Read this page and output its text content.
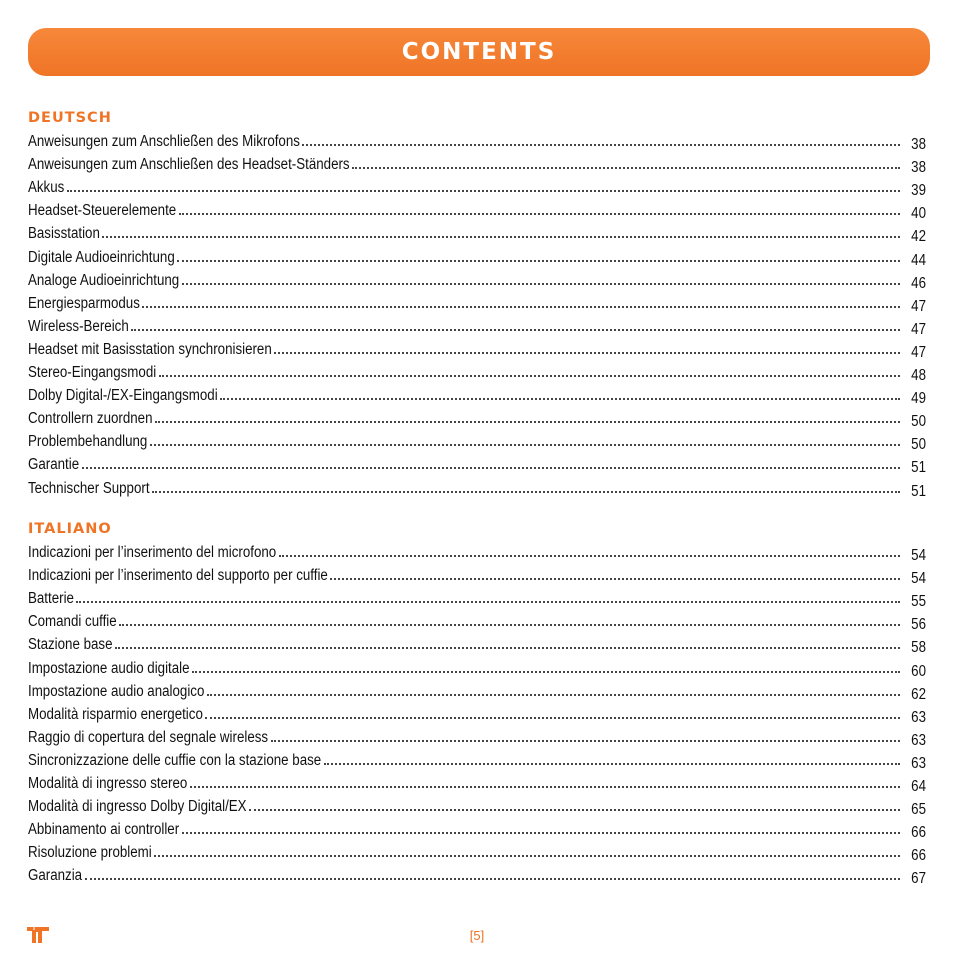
CONTENTS
DEUTSCH
Anweisungen zum Anschließen des Mikrofons	38
Anweisungen zum Anschließen des Headset-Ständers	38
Akkus	39
Headset-Steuerelemente	40
Basisstation	42
Digitale Audioeinrichtung	44
Analoge Audioeinrichtung	46
Energiesparmodus	47
Wireless-Bereich	47
Headset mit Basisstation synchronisieren	47
Stereo-Eingangsmodi	48
Dolby Digital-/EX-Eingangsmodi	49
Controllern zuordnen	50
Problembehandlung	50
Garantie	51
Technischer Support	51
ITALIANO
Indicazioni per l’inserimento del microfono	54
Indicazioni per l’inserimento del supporto per cuffie	54
Batterie	55
Comandi cuffie	56
Stazione base	58
Impostazione audio digitale	60
Impostazione audio analogico	62
Modalità risparmio energetico	63
Raggio di copertura del segnale wireless	63
Sincronizzazione delle cuffie con la stazione base	63
Modalità di ingresso stereo	64
Modalità di ingresso Dolby Digital/EX	65
Abbinamento ai controller	66
Risoluzione problemi	66
Garanzia	67
[5]
